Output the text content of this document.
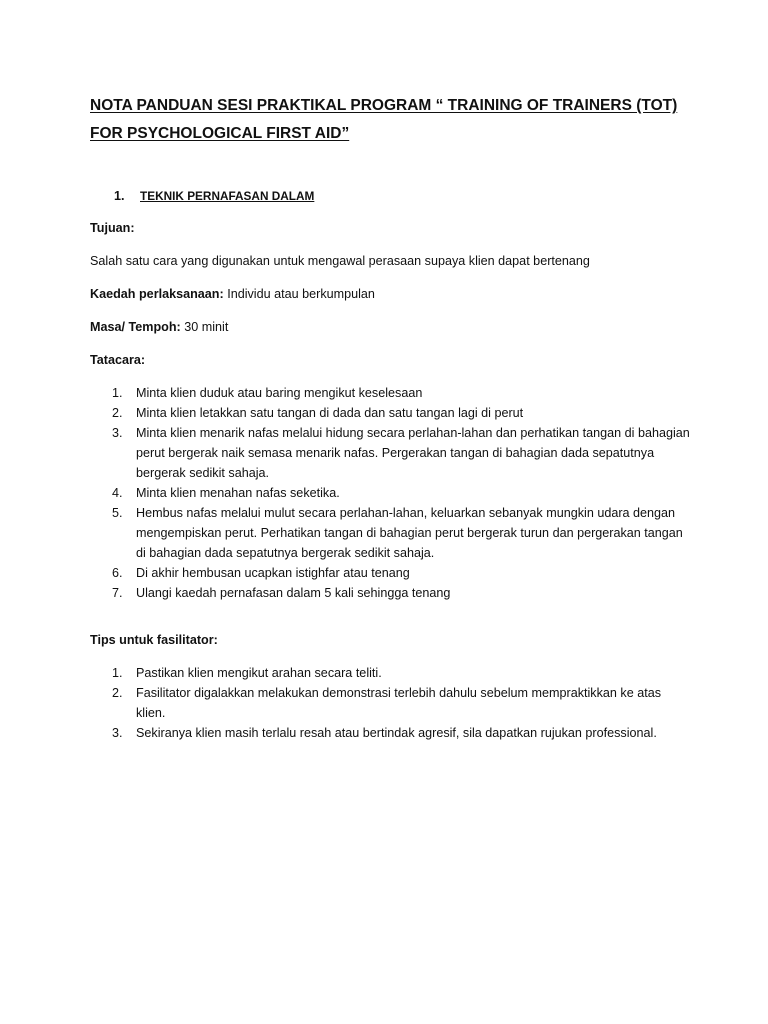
NOTA PANDUAN SESI PRAKTIKAL PROGRAM “ TRAINING OF TRAINERS (TOT)
FOR PSYCHOLOGICAL FIRST AID”
1.	TEKNIK PERNAFASAN DALAM

Tujuan:

Salah satu cara yang digunakan untuk mengawal perasaan supaya klien dapat bertenang

Kaedah perlaksanaan: Individu atau berkumpulan

Masa/ Tempoh: 30 minit

Tatacara:

1.	Minta klien duduk atau baring mengikut keselesaan
2.	Minta klien letakkan satu tangan di dada dan satu tangan lagi di perut
3.	Minta klien menarik nafas melalui hidung secara perlahan-lahan dan perhatikan tangan di bahagian perut bergerak naik semasa menarik nafas. Pergerakan tangan di bahagian dada sepatutnya bergerak sedikit sahaja.
4.	Minta klien menahan nafas seketika.
5.	Hembus nafas melalui mulut secara perlahan-lahan, keluarkan sebanyak mungkin udara dengan mengempiskan perut. Perhatikan tangan di bahagian perut bergerak turun dan pergerakan tangan di bahagian dada sepatutnya bergerak sedikit sahaja.
6.	Di akhir hembusan ucapkan istighfar atau tenang
7.	Ulangi kaedah pernafasan dalam 5 kali sehingga tenang

Tips untuk fasilitator:

1.	Pastikan klien mengikut arahan secara teliti.
2.	Fasilitator digalakkan melakukan demonstrasi terlebih dahulu sebelum mempraktikkan ke atas klien.
3.	Sekiranya klien masih terlalu resah atau bertindak agresif, sila dapatkan rujukan professional.
